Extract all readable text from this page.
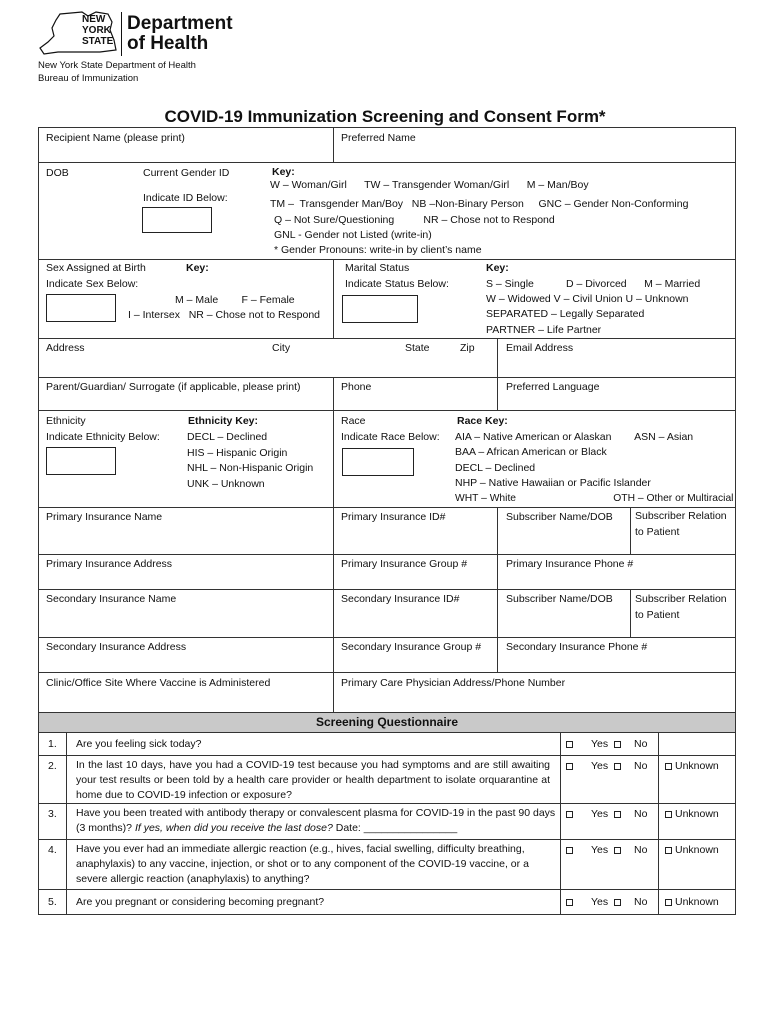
NEW
YORK
STATE
Department
of Health
New York State Department of Health
Bureau of Immunization
COVID-19 Immunization Screening and Consent Form*
Recipient Name (please print)	Preferred Name
DOB	Current Gender ID
Indicate ID Below:
Key:
W – Woman/Girl      TW – Transgender Woman/Girl      M – Man/Boy
TM –  Transgender Man/Boy   NB –Non-Binary Person     GNC – Gender Non-Conforming
Q – Not Sure/Questioning          NR – Chose not to Respond
GNL - Gender not Listed (write-in)
* Gender Pronouns: write-in by client’s name
Sex Assigned at Birth	Key:
Indicate Sex Below:
M – Male        F – Female
I – Intersex   NR – Chose not to Respond
Marital Status
Indicate Status Below:
Key:
S – Single           D – Divorced      M – Married
W – Widowed V – Civil Union U – Unknown
SEPARATED – Legally Separated
PARTNER – Life Partner
Address	City	State	Zip	Email Address
Parent/Guardian/ Surrogate (if applicable, please print)	Phone	Preferred Language
Ethnicity
Indicate Ethnicity Below:
Ethnicity Key:
DECL – Declined
HIS – Hispanic Origin
NHL – Non-Hispanic Origin
UNK – Unknown
Race
Indicate Race Below:
Race Key:
AIA – Native American or Alaskan        ASN – Asian
BAA – African American or Black
DECL – Declined
NHP – Native Hawaiian or Pacific Islander
WHT – White                                  OTH – Other or Multiracial
Primary Insurance Name	Primary Insurance ID#	Subscriber Name/DOB Subscriber Relation
to Patient
Primary Insurance Address	Primary Insurance Group #	Primary Insurance Phone #
Secondary Insurance Name	Secondary Insurance ID#	Subscriber Name/DOB Subscriber Relation
to Patient
Secondary Insurance Address	Secondary Insurance Group # Secondary Insurance Phone #
Clinic/Office Site Where Vaccine is Administered	Primary Care Physician Address/Phone Number
Screening Questionnaire
1. Are you feeling sick today?	Yes	No
2. In the last 10 days, have you had a COVID-19 test because you had symptoms and are still awaiting your test results or been told by a health care provider or health department to isolate orquarantine at home due to COVID-19 infection or exposure?
Yes	No	Unknown
3. Have you been treated with antibody therapy or convalescent plasma for COVID-19 in the past 90 days (3 months)? If yes, when did you receive the last dose? Date: ________________
Yes	No	Unknown
4. Have you ever had an immediate allergic reaction (e.g., hives, facial swelling, difficulty breathing, anaphylaxis) to any vaccine, injection, or shot or to any component of the COVID-19 vaccine, or a severe allergic reaction (anaphylaxis) to anything?
Yes	No	Unknown
5. Are you pregnant or considering becoming pregnant?	Yes	No	Unknown
